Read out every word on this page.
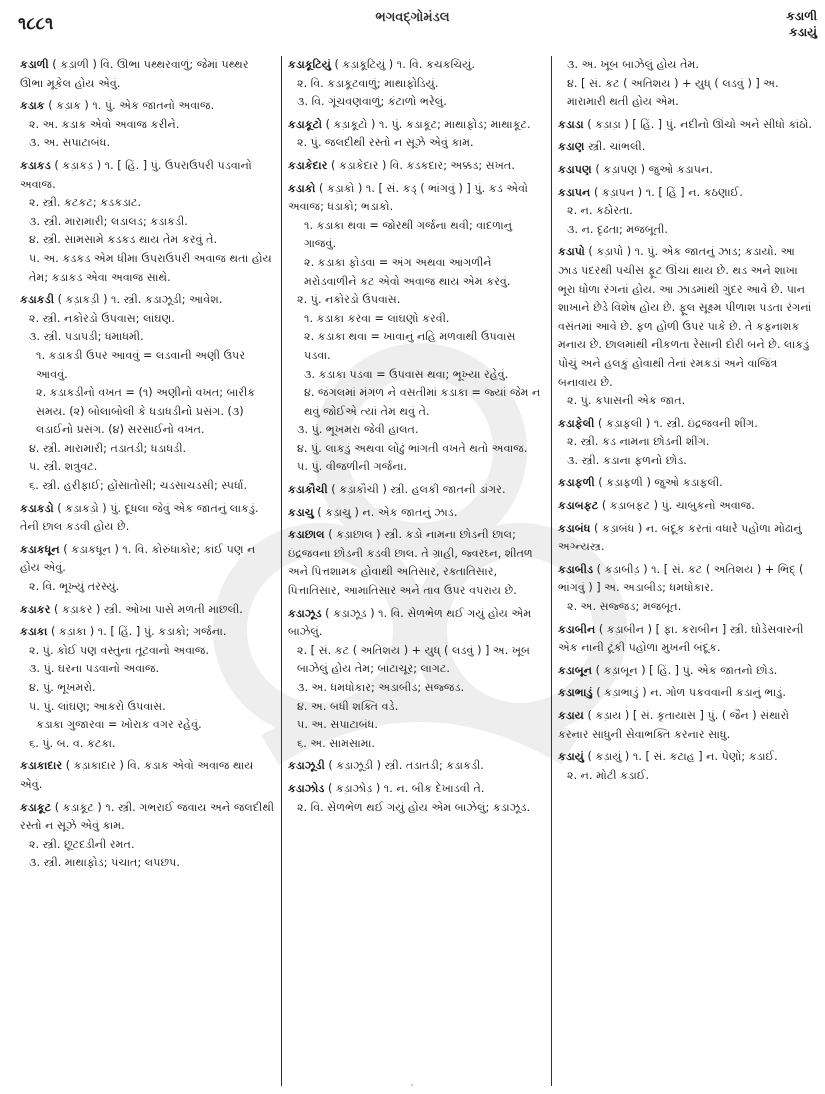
૧૮૮૧	ભગવદ્ગોમંડલ	કડાળી
કડાયું
કડાળી ( કડ઼ાળી ) વિ. ઊભા પથ્થરવાળું; જેમાં પથ્થર ઊભા મૂકેલ હોય એવું.
કડાક ( કડ઼ાક ) ૧. પું. એક જાતનો અવાજ.
૨. અ. કડાક એવો અવાજ કરીને.
૩. અ. સપાટાબંધ.
કડાકડ ( કડ઼ાકડ઼ ) ૧. [ હિં. ] પું. ઉપરાઉપરી પડવાનો અવાજ.
૨. સ્ત્રી. કટકટ; કડકડાટ.
૩. સ્ત્રી. મારામારી; લડાલડ; કડાકડી.
૪. સ્ત્રી. સામસામે કડકડ થાય તેમ કરવું તે.
૫. અ. કડકડ એમ ધીમા ઉપરાઉપરી અવાજ થતા હોય તેમ; કડાકડ એવા અવાજ સાથે.
કડાકડી ( કડ઼ાકડ઼ી ) ૧. સ્ત્રી. કડાઝૂડી; આવેશ.
૨. સ્ત્રી. નકોરડો ઉપવાસ; લાંઘણ.
૩. સ્ત્રી. પડાપડી; ધમાધમી.
૧. કડાકડી ઉપર આવવું = લડવાની અણી ઉપર આવવું.
૨. કડાકડીનો વખત = (૧) અણીનો વખત; બારીક સમય. (૨) બોલાબોલી કે ધડાધડીનો પ્રસંગ. (૩) લડાઈનો પ્રસંગ. (૪) સરસાઈનો વખત.
૪. સ્ત્રી. મારામારી; તડાતડી; ધડાધડી.
૫. સ્ત્રી. શત્રુવટ.
૬. સ્ત્રી. હરીફાઈ; હોંસાતોસી; ચડસાચડસી; સ્પર્ધા.
કડાકડો ( કડ઼ાકડ઼ો ) પું. દૂધલા જેવું એક જાતનું લાકડું. તેની છાલ કડવી હોય છે.
કડાકધૂન ( કડ઼ાકધૂન ) ૧. વિ. કોરુંધાકોર; કાંઈ પણ ન હોય એવું.
૨. વિ. ભૂખ્યું તરસ્યું.
કડાકર ( કડ઼ાકર ) સ્ત્રી. ઓખા પાસે મળતી માછલી.
કડાકા ( કડ઼ાકા ) ૧. [ હિં. ] પું. કડાકો; ગર્જના.
૨. પું. કોઈ પણ વસ્તુના તૂટવાનો અવાજ.
૩. પું. ઘરના પડવાનો અવાજ.
૪. પું. ભૂખમરો.
૫. પું. લાંઘણ; આકરો ઉપવાસ.
કડાકા ગુજારવા = ખોરાક વગર રહેવું.
૬. પું. બ. વ. કટકા.
કડાકાદાર ( કડ઼ાકાદાર ) વિ. કડાક એવો અવાજ થાય એવું.
કડાકૂટ ( કડ઼ાકૂટ ) ૧. સ્ત્રી. ગભરાઈ જવાય અને જલદીથી રસ્તો ન સૂઝે એવું કામ.
૨. સ્ત્રી. છૂટદડીની રમત.
૩. સ્ત્રી. માથાફોડ; પંચાત; લપછપ.
કડાકૂટિયું ( કડ઼ાકૂટિયું ) ૧. વિ. કચકચિયું.
૨. વિ. કડાકૂટવાળું; માથાફોડિયું.
૩. વિ. ગૂંચવણવાળું; કંટાળો ભરેલું.
કડાકૂટો ( કડ઼ાકૂટો ) ૧. પું. કડાકૂટ; માથાફોડ; માથાકૂટ.
૨. પું. જલદીથી રસ્તો ન સૂઝે એવું કામ.
કડાકેદાર ( કડ઼ાકેદાર ) વિ. કડકદાર; અક્કડ; સખત.
કડાકો ( કડ઼ાકો ) ૧. [ સં. કડ્ ( ભાંગવું ) ] પું. કડ એવો અવાજ; ધડાકો; ભડાકો.
૧. કડાકા થવા = જોરથી ગર્જના થવી; વાદળાનું ગાજવું.
૨. કડાકા ફોડવા = અંગ અથવા આંગળીને મરોડવાળીને કટ એવો અવાજ થાય એમ કરવું.
૨. પું. નકોરડો ઉપવાસ.
૧. કડાકા કરવા = લાંઘણો કરવી.
૨. કડાકા થવા = ખાવાનું નહિ મળવાથી ઉપવાસ પડવા.
૩. કડાકા પડવા = ઉપવાસ થવા; ભૂખ્યા રહેવું.
૪. જંગલમાં મંગળ ને વસતીમાં કડાકા = જ્યાં જેમ ન થવું જોઈએ ત્યાં તેમ થવું તે.
૩. પું. ભૂખમરા જેવી હાલત.
૪. પું. લાકડું અથવા લોઢું ભાંગતી વખતે થતો અવાજ.
૫. પું. વીજળીની ગર્જના.
કડાકૌચી ( કડ઼ાકૌચી ) સ્ત્રી. હલકી જાતની ડાંગર.
કડાચુ ( કડ઼ાચુ ) ન. એક જાતનું ઝાડ.
કડાછાલ ( કડ઼ાછાલ ) સ્ત્રી. કડો નામના છોડની છાલ; ઇંદ્રજવના છોડની કડવી છાલ. તે ગ્રાહી, જ્વરઘ્ન, શીતળ અને પિત્તશામક હોવાથી અતિસાર, રક્તાતિસાર, પિત્તાતિસાર, આમાતિસાર અને તાવ ઉપર વપરાય છે.
કડાઝૂડ ( કડ઼ાઝૂડ઼ ) ૧. વિ. સેળભેળ થઈ ગયું હોય એમ બાઝેલું.
૨. [ સં. કટ ( અતિશય ) + યુધ્ ( લડવું ) ] અ. ખૂબ બાઝેલું હોય તેમ; બાટાચૂર; લાગટ.
૩. અ. ધમધોકાર; અડાબીડ; સજ્જડ.
૪. અ. બધી શક્તિ વડે.
૫. અ. સપાટાબંધ.
૬. અ. સામસામા.
કડાઝૂડી ( કડ઼ાઝૂડ઼ી ) સ્ત્રી. તડાતડી; કડાકડી.
કડાઝોડ ( કડ઼ાઝોડ઼ ) ૧. ન. બીક દેખાડવી તે.
૨. વિ. સેળભેળ થઈ ગયું હોય એમ બાઝેલું; કડાઝૂડ.
૩. અ. ખૂબ બાઝેલું હોય તેમ.
૪. [ સં. કટ ( અતિશય ) + યુધ્ ( લડવું ) ] અ. મારામારી થતી હોય એમ.
કડાડા ( કડ઼ાડ઼ા ) [ હિં. ] પું. નદીનો ઊંચો અને સીધો કાંઠો.
કડાણ સ્ત્રી. ચાંભલી.
કડાપણ ( કડ઼ાપણ ) જુઓ કડાપન.
કડાપન ( કડ઼ાપન ) ૧. [ હિં ] ન. કઠણાઈ.
૨. ન. કઠોરતા.
૩. ન. દૃઢતા; મજબૂતી.
કડાપો ( કડ઼ાપો ) ૧. પું. એક જાતનું ઝાડ; કડાયો. આ ઝાડ પંદરથી પચીસ ફૂટ ઊંચાં થાય છે. થડ અને શાખા ભૂરા ધોળા રંગનાં હોય. આ ઝાડમાંથી ગુંદર આવે છે. પાન શાખાને છેડે વિશેષ હોય છે. ફૂલ સૂક્ષ્મ પીળાશ પડતા રંગનાં વસંતમાં આવે છે. ફળ હોળી ઉપર પાકે છે. તે કફનાશક મનાય છે. છાલમાંથી નીકળતા રેસાની દોરી બને છે. લાકડું પોચું અને હલકું હોવાથી તેનાં રમકડાં અને વાજિંત્ર બનાવાય છે.
૨. પું. કપાસની એક જાત.
કડાફેલી ( કડ઼ાફલી ) ૧. સ્ત્રી. ઇંદ્રજવની શીંગ.
૨. સ્ત્રી. કડ નામના છોડની શીંગ.
૩. સ્ત્રી. કડાના ફળનો છોડ.
કડાફળી ( કડ઼ાફળી ) જુઓ કડાફલી.
કડાબફટ ( કડ઼ાબફટ ) પું. ચાબુકનો અવાજ.
કડાબંધ ( કડ઼ાબંધ ) ન. બંદૂક કરતાં વધારે પહોળા મોઢાનું અગ્ન્યસ્ત્ર.
કડાબીડ ( કડ઼ાબીડ઼ ) ૧. [ સં. કટ ( અતિશય ) + ભિદ્ ( ભાંગવું ) ] અ. અડાબીડ; ધમધોકાર.
૨. અ. સજ્જડ; મજબૂત.
કડાબીન ( કડ઼ાબીન ) [ ફા. કરાબીન ] સ્ત્રી. ઘોડેસવારની એક નાની ટૂંકી પહોળા મુખની બંદૂક.
કડાબૂન ( કડ઼ાબૂન ) [ હિં. ] પું. એક જાતનો છોડ.
કડાભાડું ( કડ઼ાભાડું ) ન. ગોળ પકવવાની કડાનું ભાડું.
કડાય ( કડ઼ાય ) [ સં. કૃતાયાસ ] પું. ( જૈન ) સંથારો કરનાર સાધુની સેવાભક્તિ કરનાર સાધુ.
કડાયું ( કડ઼ાયું ) ૧. [ સં. કટાહ ] ન. પેણો; કડાઈ.
૨. ન. મોટી કડાઈ.
'
